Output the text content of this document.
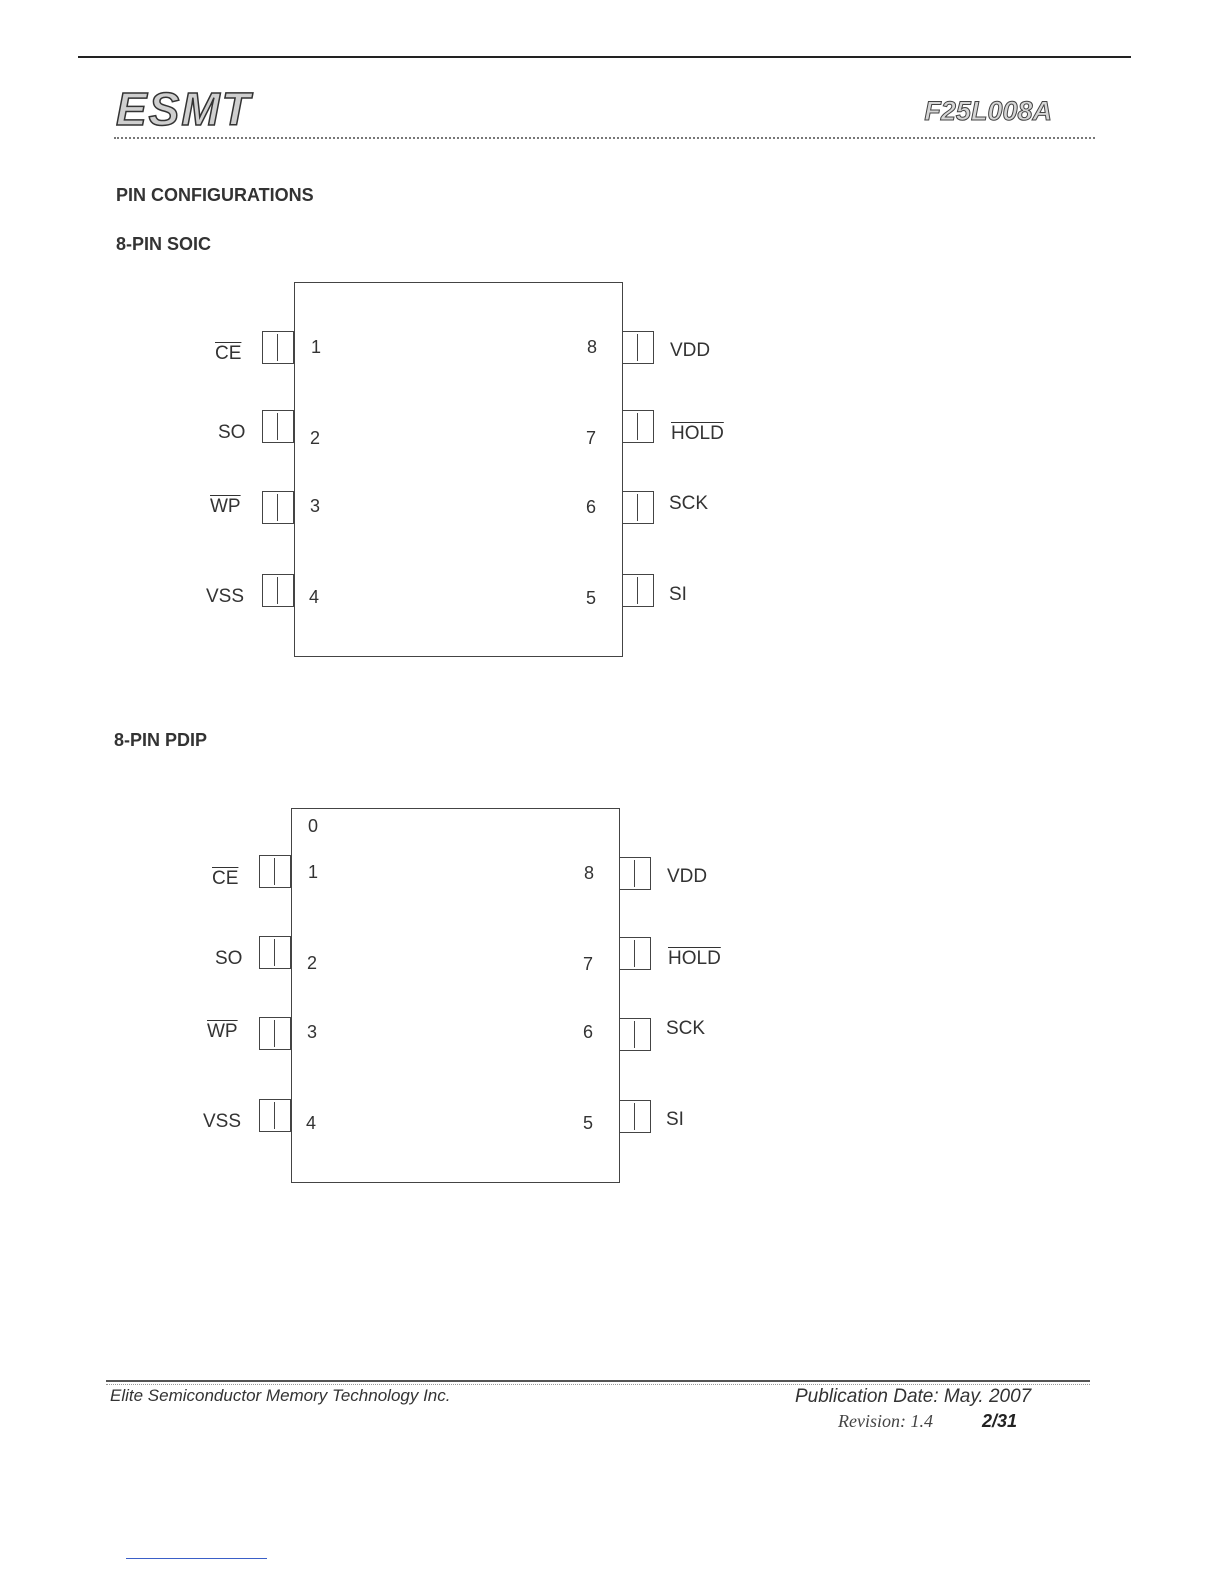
ESMT	F25L008A
PIN CONFIGURATIONS
8-PIN SOIC
1
$\overline{CE}$
2
SO
3
$\overline{WP}$
4
VSS
8	VDD
7	HOLD
6	SCK
5	SI
8-PIN PDIP
0
1
$\overline{CE}$
2
SO
3
$\overline{WP}$
4
VSS
8	VDD
7	HOLD
6	SCK
5	SI
Elite Semiconductor Memory Technology Inc.	Publication Date: May. 2007
Revision: 1.4	2/31
